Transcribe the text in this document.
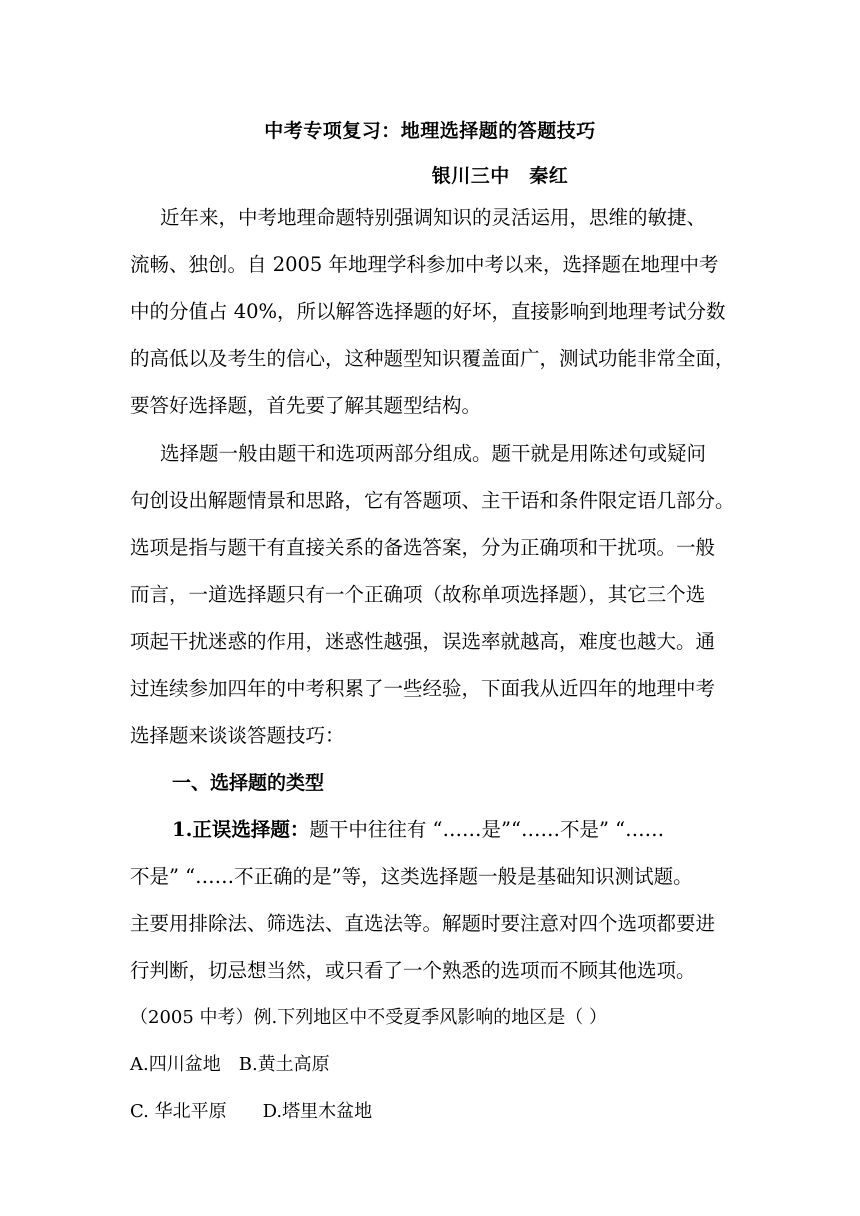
中考专项复习：地理选择题的答题技巧
银川三中　秦红
近年来，中考地理命题特别强调知识的灵活运用，思维的敏捷、
流畅、独创。自 2005 年地理学科参加中考以来，选择题在地理中考
中的分值占 40%，所以解答选择题的好坏，直接影响到地理考试分数
的高低以及考生的信心，这种题型知识覆盖面广，测试功能非常全面，
要答好选择题，首先要了解其题型结构。
选择题一般由题干和选项两部分组成。题干就是用陈述句或疑问
句创设出解题情景和思路，它有答题项、主干语和条件限定语几部分。
选项是指与题干有直接关系的备选答案，分为正确项和干扰项。一般
而言，一道选择题只有一个正确项（故称单项选择题），其它三个选
项起干扰迷惑的作用，迷惑性越强，误选率就越高，难度也越大。通
过连续参加四年的中考积累了一些经验，下面我从近四年的地理中考
选择题来谈谈答题技巧：
一、选择题的类型
1.正误选择题：题干中往往有 “……是”“……不是” “……
不是” “……不正确的是”等，这类选择题一般是基础知识测试题。
主要用排除法、筛选法、直选法等。解题时要注意对四个选项都要进
行判断，切忌想当然，或只看了一个熟悉的选项而不顾其他选项。
（2005 中考）例.下列地区中不受夏季风影响的地区是（ ）
A.四川盆地　B.黄土高原
C. 华北平原　　D.塔里木盆地
